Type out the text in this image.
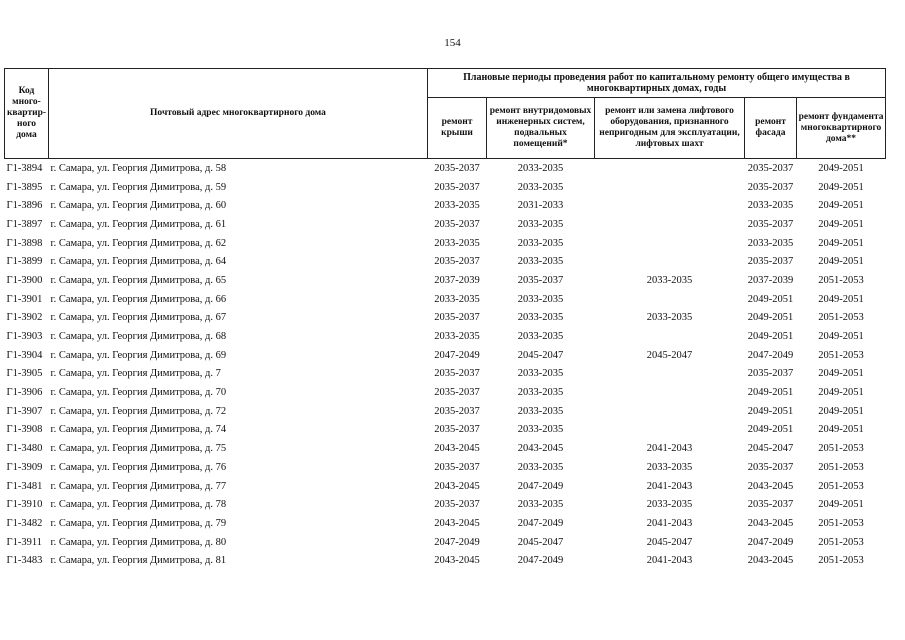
154
Код много-квартир-ного дома	Почтовый адрес многоквартирного дома	Плановые периоды проведения работ по капитальному ремонту общего имущества в многоквартирных домах, годы				
		ремонт крыши	ремонт внутридомовых инженерных систем, подвальных помещений*	ремонт или замена лифтового оборудования, признанного непригодным для эксплуатации, лифтовых шахт	ремонт фасада	ремонт фундамента многоквартирного дома**
Г1-3894	г. Самара, ул. Георгия Димитрова, д. 58	2035-2037	2033-2035		2035-2037	2049-2051
Г1-3895	г. Самара, ул. Георгия Димитрова, д. 59	2035-2037	2033-2035		2035-2037	2049-2051
Г1-3896	г. Самара, ул. Георгия Димитрова, д. 60	2033-2035	2031-2033		2033-2035	2049-2051
Г1-3897	г. Самара, ул. Георгия Димитрова, д. 61	2035-2037	2033-2035		2035-2037	2049-2051
Г1-3898	г. Самара, ул. Георгия Димитрова, д. 62	2033-2035	2033-2035		2033-2035	2049-2051
Г1-3899	г. Самара, ул. Георгия Димитрова, д. 64	2035-2037	2033-2035		2035-2037	2049-2051
Г1-3900	г. Самара, ул. Георгия Димитрова, д. 65	2037-2039	2035-2037	2033-2035	2037-2039	2051-2053
Г1-3901	г. Самара, ул. Георгия Димитрова, д. 66	2033-2035	2033-2035		2049-2051	2049-2051
Г1-3902	г. Самара, ул. Георгия Димитрова, д. 67	2035-2037	2033-2035	2033-2035	2049-2051	2051-2053
Г1-3903	г. Самара, ул. Георгия Димитрова, д. 68	2033-2035	2033-2035		2049-2051	2049-2051
Г1-3904	г. Самара, ул. Георгия Димитрова, д. 69	2047-2049	2045-2047	2045-2047	2047-2049	2051-2053
Г1-3905	г. Самара, ул. Георгия Димитрова, д. 7	2035-2037	2033-2035		2035-2037	2049-2051
Г1-3906	г. Самара, ул. Георгия Димитрова, д. 70	2035-2037	2033-2035		2049-2051	2049-2051
Г1-3907	г. Самара, ул. Георгия Димитрова, д. 72	2035-2037	2033-2035		2049-2051	2049-2051
Г1-3908	г. Самара, ул. Георгия Димитрова, д. 74	2035-2037	2033-2035		2049-2051	2049-2051
Г1-3480	г. Самара, ул. Георгия Димитрова, д. 75	2043-2045	2043-2045	2041-2043	2045-2047	2051-2053
Г1-3909	г. Самара, ул. Георгия Димитрова, д. 76	2035-2037	2033-2035	2033-2035	2035-2037	2051-2053
Г1-3481	г. Самара, ул. Георгия Димитрова, д. 77	2043-2045	2047-2049	2041-2043	2043-2045	2051-2053
Г1-3910	г. Самара, ул. Георгия Димитрова, д. 78	2035-2037	2033-2035	2033-2035	2035-2037	2049-2051
Г1-3482	г. Самара, ул. Георгия Димитрова, д. 79	2043-2045	2047-2049	2041-2043	2043-2045	2051-2053
Г1-3911	г. Самара, ул. Георгия Димитрова, д. 80	2047-2049	2045-2047	2045-2047	2047-2049	2051-2053
Г1-3483	г. Самара, ул. Георгия Димитрова, д. 81	2043-2045	2047-2049	2041-2043	2043-2045	2051-2053
